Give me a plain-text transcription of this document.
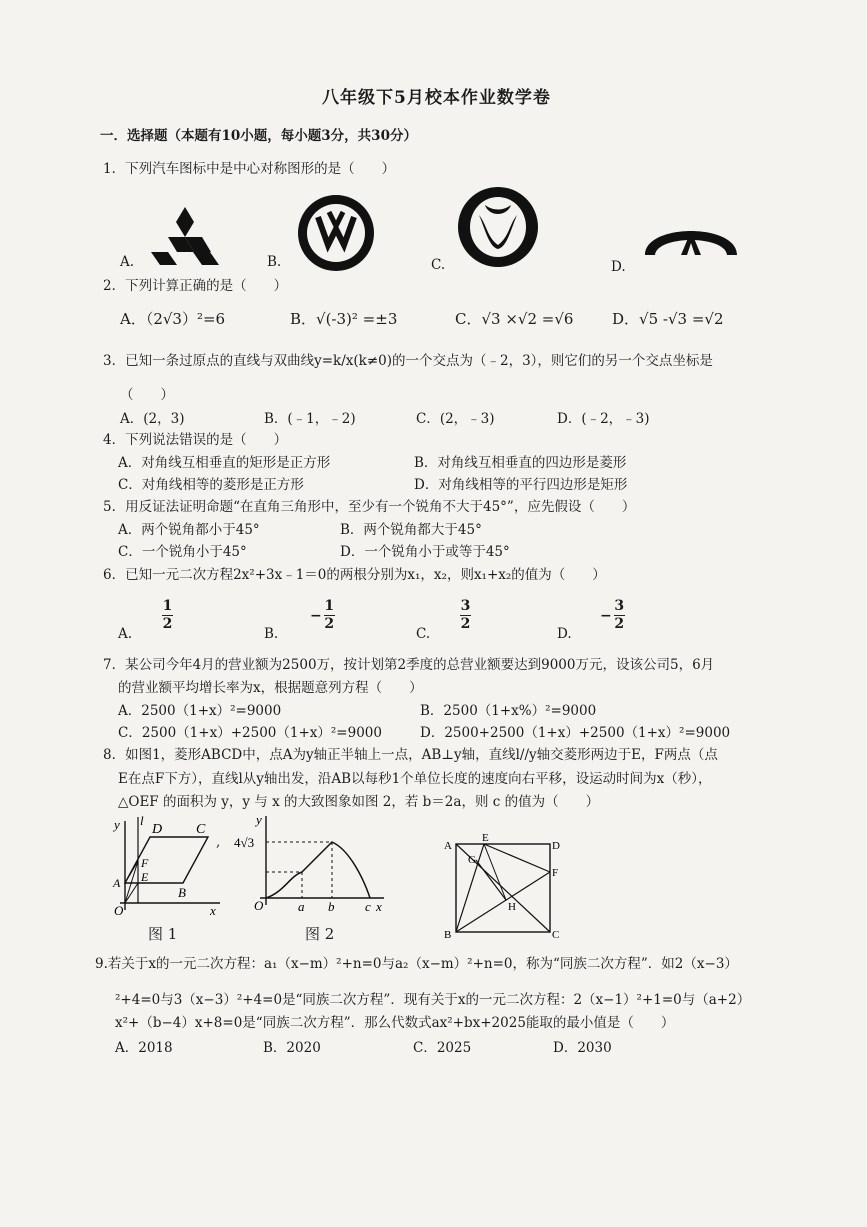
八年级下5月校本作业数学卷
一．选择题（本题有10小题，每小题3分，共30分）
1．下列汽车图标中是中心对称图形的是（　　）
A.	B.	C.	D.
2．下列计算正确的是（　　）
A．（2√3）²=6	B．√(-3)² =±3	C．√3 ×√2 =√6	D．√5 -√3 =√2
3．已知一条过原点的直线与双曲线y=k/x(k≠0)的一个交点为（﹣2，3），则它们的另一个交点坐标是
（　　）
A．(2，3)	B．(﹣1，﹣2)	C．(2，﹣3)	D．(﹣2，﹣3)
4．下列说法错误的是（　　）
A．对角线互相垂直的矩形是正方形	B．对角线互相垂直的四边形是菱形
C．对角线相等的菱形是正方形	D．对角线相等的平行四边形是矩形
5．用反证法证明命题“在直角三角形中，至少有一个锐角不大于45°”，应先假设（　　）
A．两个锐角都小于45°	B．两个锐角都大于45°
C．一个锐角小于45°	D．一个锐角小于或等于45°
6．已知一元二次方程2x²+3x﹣1＝0的两根分别为x₁，x₂，则x₁+x₂的值为（　　）
A.
1
2
B.
−
1
2
C.
3
2
D.
−
3
2
7．某公司今年4月的营业额为2500万，按计划第2季度的总营业额要达到9000万元，设该公司5，6月
的营业额平均增长率为x，根据题意列方程（　　）
A．2500（1+x）²=9000	B．2500（1+x%）²=9000
C．2500（1+x）+2500（1+x）²=9000	D．2500+2500（1+x）+2500（1+x）²=9000
8．如图1，菱形ABCD中，点A为y轴正半轴上一点，AB⊥y轴，直线l//y轴交菱形两边于E，F两点（点
E在点F下方），直线l从y轴出发，沿AB以每秒1个单位长度的速度向右平移，设运动时间为x（秒），
△OEF 的面积为 y，y 与 x 的大致图象如图 2，若 b＝2a，则 c 的值为（　　）
y l
D C
F
A E
B
O	x
,
图 1
y
4√3
O	a b c x
图 2
A
E
D
G
F
H
B	C
9.若关于x的一元二次方程：a₁（x−m）²+n=0与a₂（x−m）²+n=0，称为“同族二次方程”．如2（x−3）
²+4=0与3（x−3）²+4=0是“同族二次方程”．现有关于x的一元二次方程：2（x−1）²+1=0与（a+2）
x²+（b−4）x+8=0是“同族二次方程”．那么代数式ax²+bx+2025能取的最小值是（　　）
A．2018	B．2020	C．2025	D．2030
